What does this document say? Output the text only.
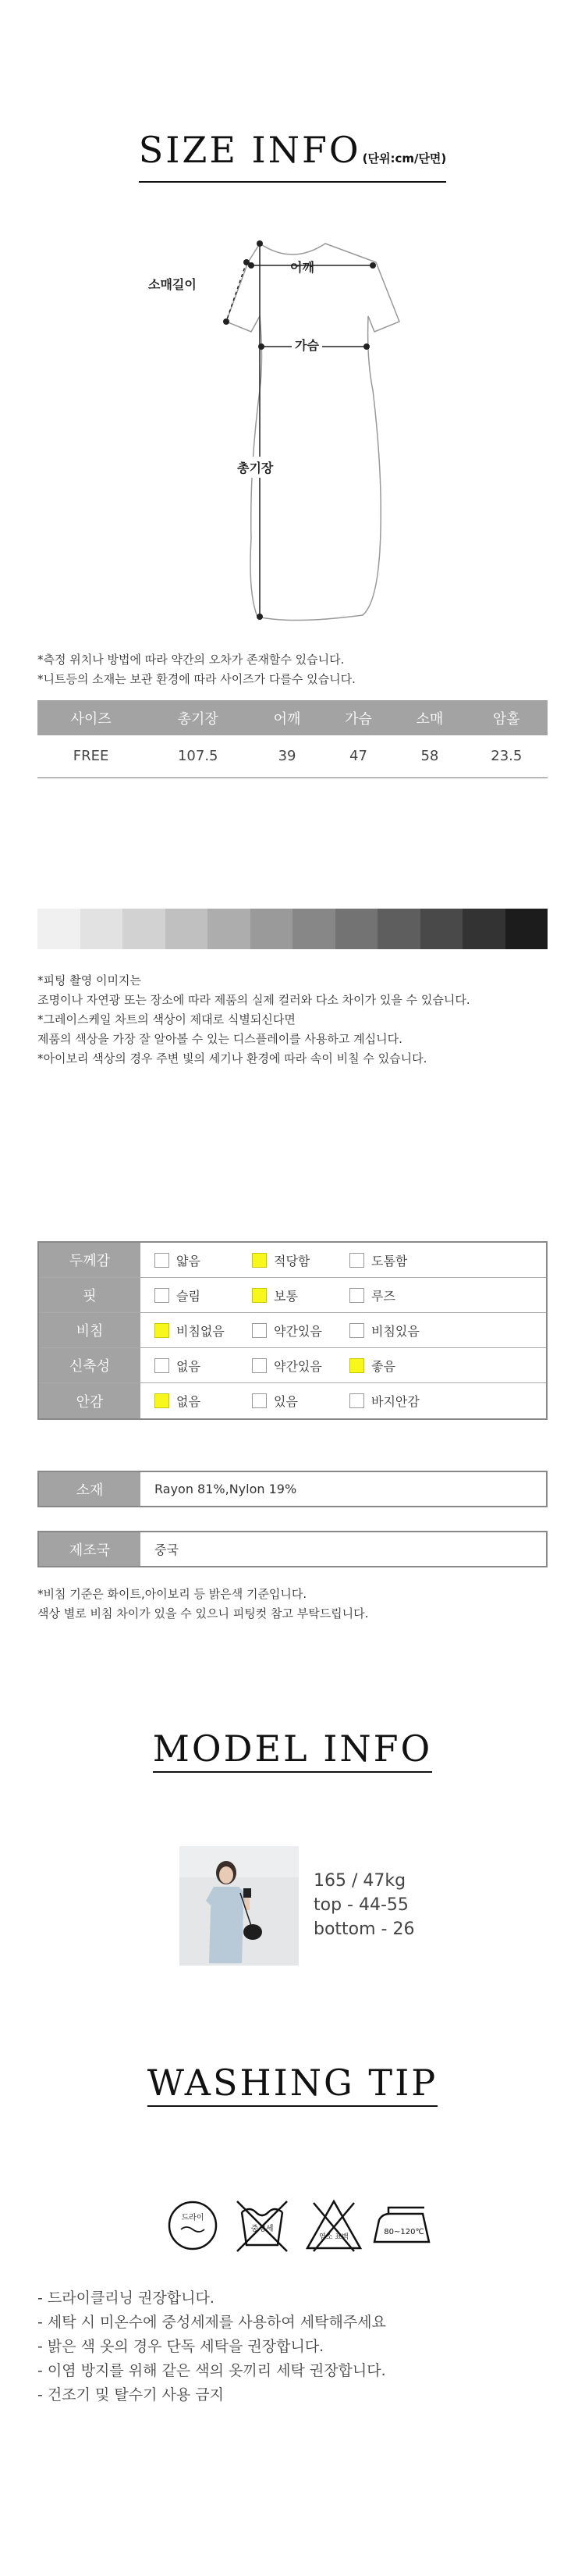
SIZE INFO (단위:cm/단면)
소매길이
어깨
가슴
총기장
*측정 위치나 방법에 따라 약간의 오차가 존재할수 있습니다.
*니트등의 소재는 보관 환경에 따라 사이즈가 다를수 있습니다.
사이즈	총기장	어깨	가슴	소매	암홀
FREE	107.5	39	47	58	23.5
*피팅 촬영 이미지는
조명이나 자연광 또는 장소에 따라 제품의 실제 컬러와 다소 차이가 있을 수 있습니다.
*그레이스케일 차트의 색상이 제대로 식별되신다면
제품의 색상을 가장 잘 알아볼 수 있는 디스플레이를 사용하고 계십니다.
*아이보리 색상의 경우 주변 빛의 세기나 환경에 따라 속이 비칠 수 있습니다.
두께감	얇음	적당함	도톰함
핏	슬림	보통	루즈
비침	비침없음	약간있음	비침있음
신축성	없음	약간있음	좋음
안감	없음	있음	바지안감
소재	Rayon 81%,Nylon 19%
제조국	중국
*비침 기준은 화이트,아이보리 등 밝은색 기준입니다.
색상 별로 비침 차이가 있을 수 있으니 피팅컷 참고 부탁드립니다.
MODEL INFO
165 / 47kg
top - 44-55
bottom - 26
WASHING TIP
드라이
중성세
염소 표백
80~120℃
- 드라이클리닝 권장합니다.
- 세탁 시 미온수에 중성세제를 사용하여 세탁해주세요
- 밝은 색 옷의 경우 단독 세탁을 권장합니다.
- 이염 방지를 위해 같은 색의 옷끼리 세탁 권장합니다.
- 건조기 및 탈수기 사용 금지
